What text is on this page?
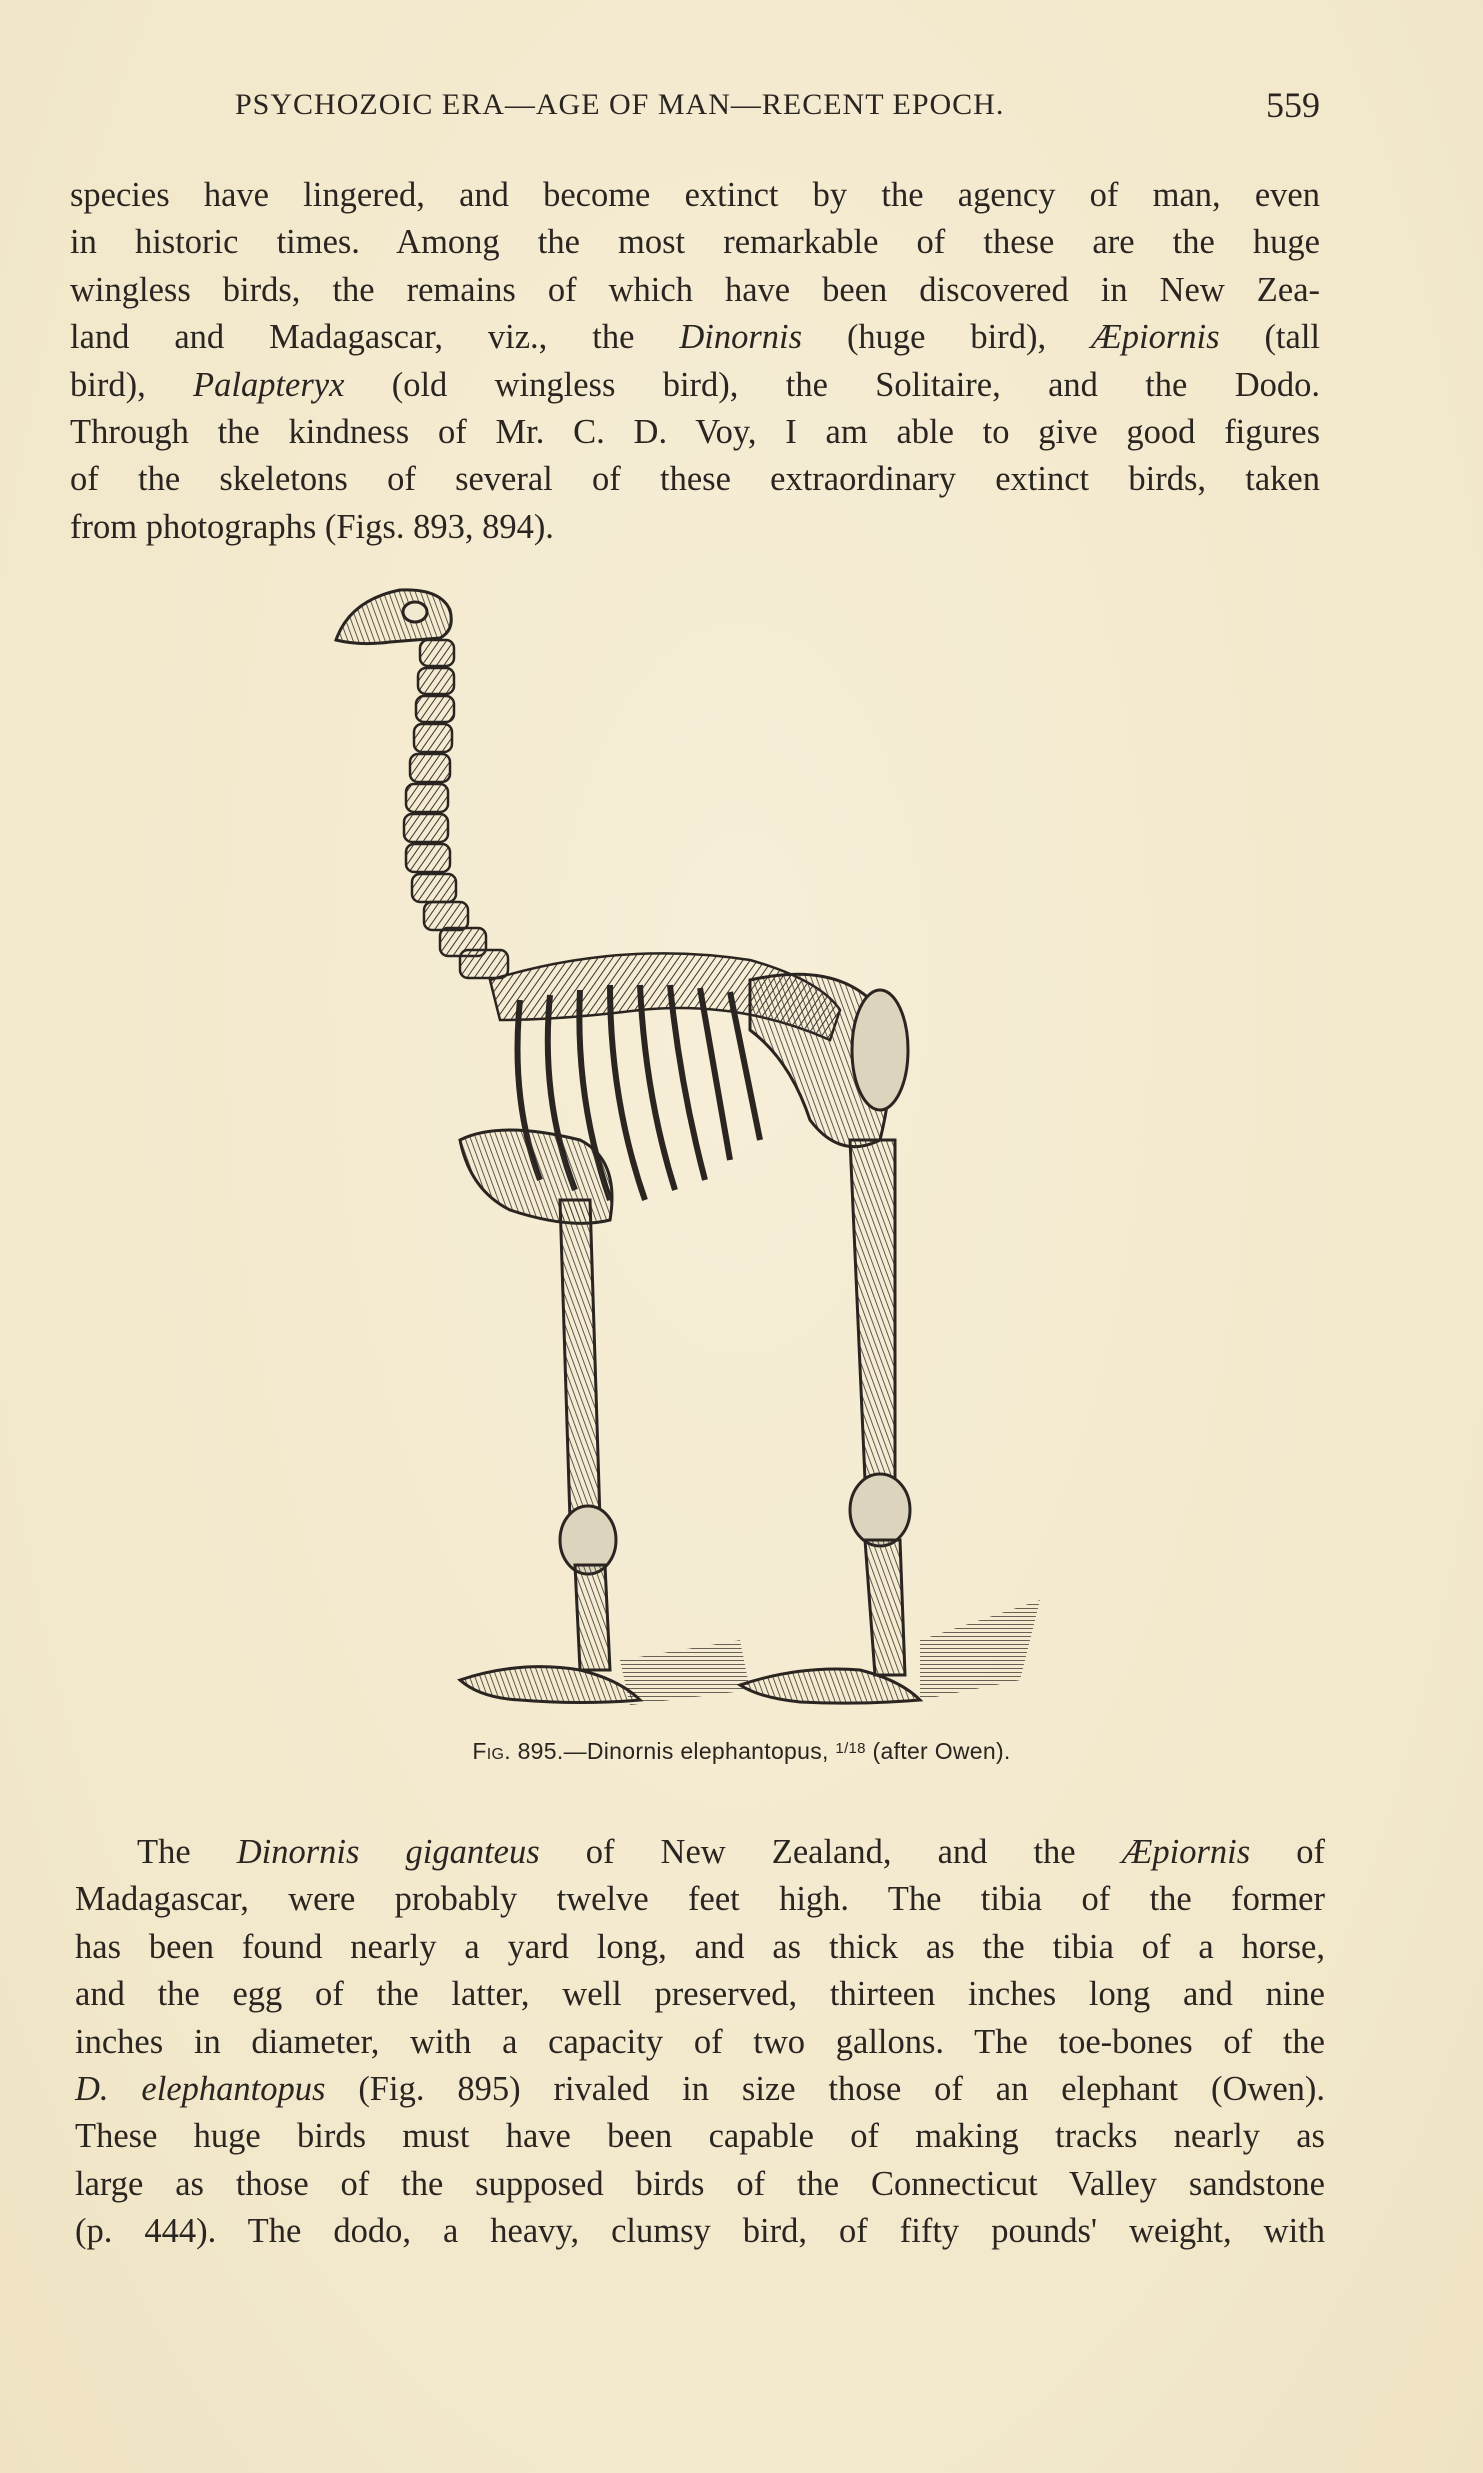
PSYCHOZOIC ERA—AGE OF MAN—RECENT EPOCH.	559
species have lingered, and become extinct by the agency of man, even
in historic times. Among the most remarkable of these are the huge
wingless birds, the remains of which have been discovered in New Zea-
land and Madagascar, viz., the Dinornis (huge bird), Æpiornis (tall
bird), Palapteryx (old wingless bird), the Solitaire, and the Dodo.
Through the kindness of Mr. C. D. Voy, I am able to give good figures
of the skeletons of several of these extraordinary extinct birds, taken
from photographs (Figs. 893, 894).
Fig. 895.—Dinornis elephantopus, $^{1/18}$ (after Owen).
The Dinornis giganteus of New Zealand, and the Æpiornis of
Madagascar, were probably twelve feet high. The tibia of the former
has been found nearly a yard long, and as thick as the tibia of a horse,
and the egg of the latter, well preserved, thirteen inches long and nine
inches in diameter, with a capacity of two gallons. The toe-bones of the
D. elephantopus (Fig. 895) rivaled in size those of an elephant (Owen).
These huge birds must have been capable of making tracks nearly as
large as those of the supposed birds of the Connecticut Valley sandstone
(p. 444). The dodo, a heavy, clumsy bird, of fifty pounds' weight, with
